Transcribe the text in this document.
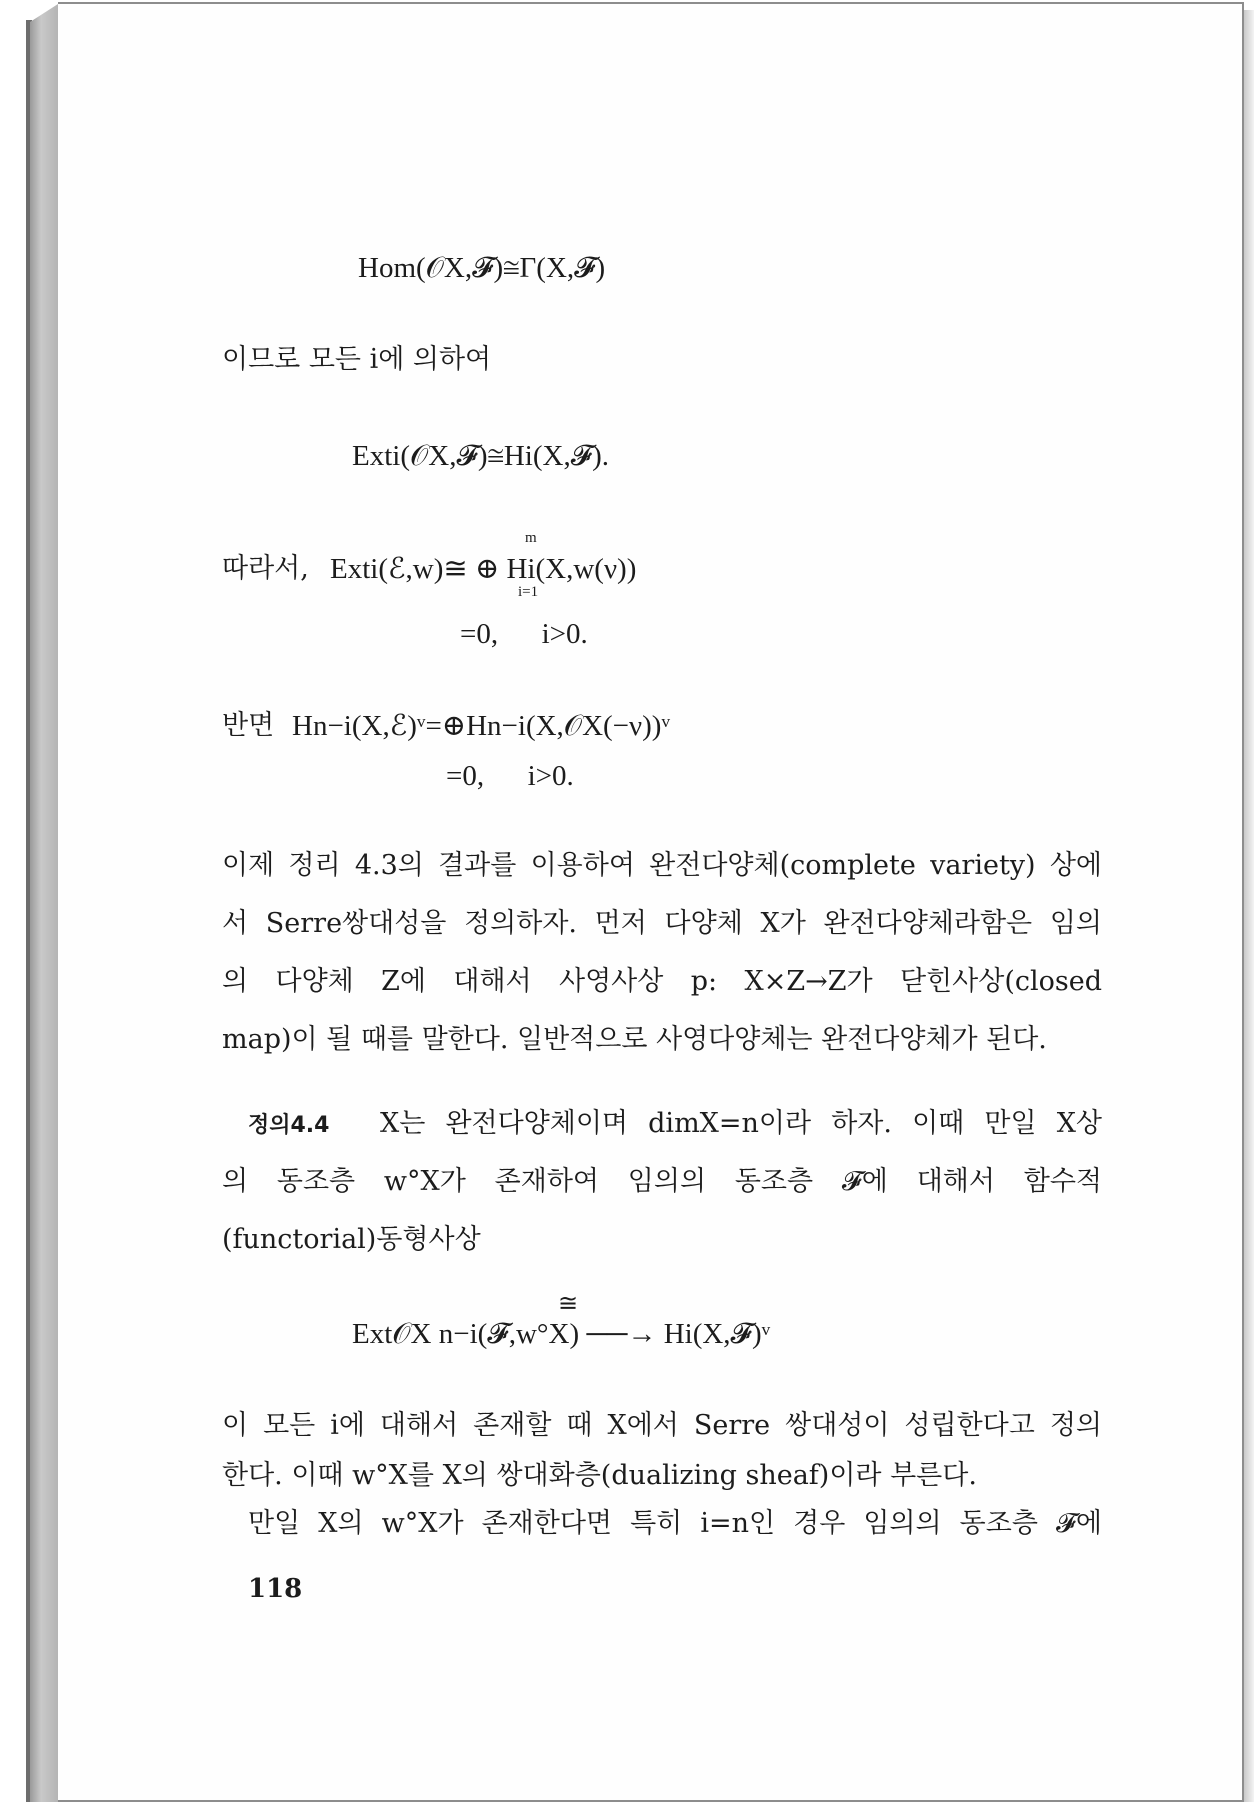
Hom(𝒪X,𝓕)≅Γ(X,𝓕)
이므로 모든 i에 의하여
Exti(𝒪X,𝓕)≅Hi(X,𝓕).
따라서, Exti(ℰ,w)≅ ⊕ Hi(X,w(ν))
m
i=1
=0,      i>0.
반면 Hn−i(X,ℰ)ᵛ=⊕Hn−i(X,𝒪X(−ν))ᵛ
=0,      i>0.
이제 정리 4.3의 결과를 이용하여 완전다양체(complete variety) 상에
서 Serre쌍대성을 정의하자. 먼저 다양체 X가 완전다양체라함은 임의
의 다양체 Z에 대해서 사영사상 p: X×Z→Z가 닫힌사상(closed
map)이 될 때를 말한다. 일반적으로 사영다양체는 완전다양체가 된다.
정의4.4 X는 완전다양체이며 dimX=n이라 하자. 이때 만일 X상
의 동조층 w°X가 존재하여 임의의 동조층 𝓕에 대해서 함수적
(functorial)동형사상
Ext𝒪X n−i(𝓕,w°X) ──→ Hi(X,𝓕)ᵛ
≅
이 모든 i에 대해서 존재할 때 X에서 Serre 쌍대성이 성립한다고 정의
한다. 이때 w°X를 X의 쌍대화층(dualizing sheaf)이라 부른다.
만일 X의 w°X가 존재한다면 특히 i=n인 경우 임의의 동조층 𝓕에
118
